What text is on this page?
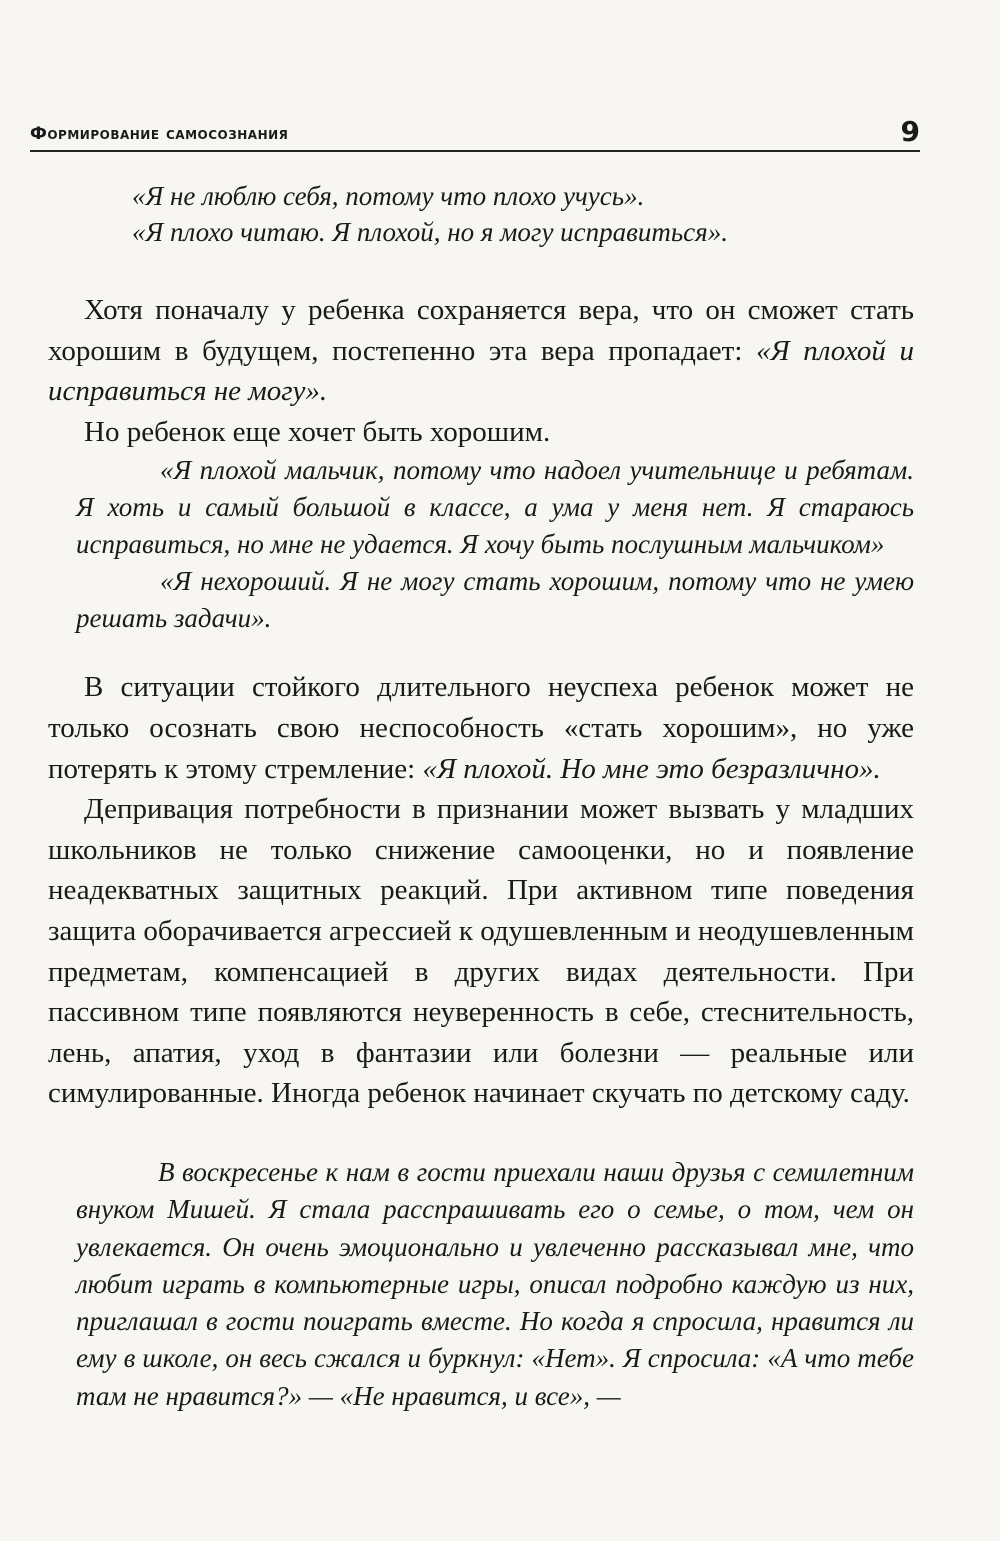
Формирование самосознания	9

«Я не люблю себя, потому что плохо учусь».

«Я плохо читаю. Я плохой, но я могу исправиться».

Хотя поначалу у ребенка сохраняется вера, что он сможет стать хорошим в будущем, постепенно эта вера пропадает: «Я плохой и исправиться не могу».

Но ребенок еще хочет быть хорошим.

«Я плохой мальчик, потому что надоел учительнице и ребятам. Я хоть и самый большой в классе, а ума у меня нет. Я стараюсь исправиться, но мне не удается. Я хочу быть послушным мальчиком»

«Я нехороший. Я не могу стать хорошим, потому что не умею решать задачи».

В ситуации стойкого длительного неуспеха ребенок может не только осознать свою неспособность «стать хорошим», но уже потерять к этому стремление: «Я плохой. Но мне это безразлично».

Депривация потребности в признании может вызвать у младших школьников не только снижение самооценки, но и появление неадекватных защитных реакций. При активном типе поведения защита оборачивается агрессией к одушевленным и неодушевленным предметам, компенсацией в других видах деятельности. При пассивном типе появляются неуверенность в себе, стеснительность, лень, апатия, уход в фантазии или болезни — реальные или симулированные. Иногда ребенок начинает скучать по детскому саду.

В воскресенье к нам в гости приехали наши друзья с семилетним внуком Мишей. Я стала расспрашивать его о семье, о том, чем он увлекается. Он очень эмоционально и увлеченно рассказывал мне, что любит играть в компьютерные игры, описал подробно каждую из них, приглашал в гости поиграть вместе. Но когда я спросила, нравится ли ему в школе, он весь сжался и буркнул: «Нет». Я спросила: «А что тебе там не нравится?» — «Не нравится, и все», —
